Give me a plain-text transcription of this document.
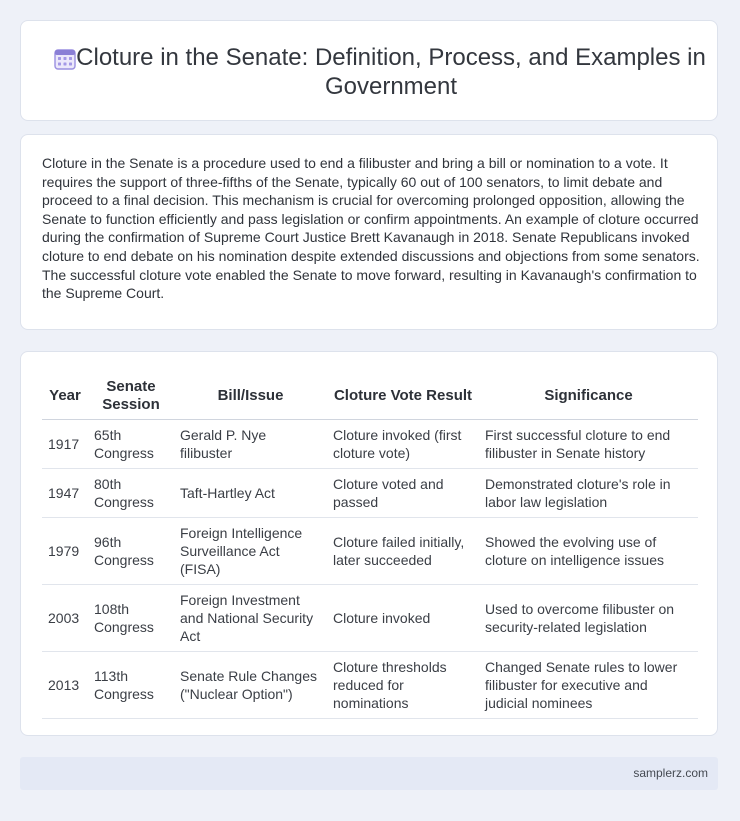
Cloture in the Senate: Definition, Process, and Examples in Government

Cloture in the Senate is a procedure used to end a filibuster and bring a bill or nomination to a vote. It requires the support of three-fifths of the Senate, typically 60 out of 100 senators, to limit debate and proceed to a final decision. This mechanism is crucial for overcoming prolonged opposition, allowing the Senate to function efficiently and pass legislation or confirm appointments. An example of cloture occurred during the confirmation of Supreme Court Justice Brett Kavanaugh in 2018. Senate Republicans invoked cloture to end debate on his nomination despite extended discussions and objections from some senators. The successful cloture vote enabled the Senate to move forward, resulting in Kavanaugh's confirmation to the Supreme Court.

Year	Senate Session	Bill/Issue	Cloture Vote Result	Significance
1917	65th Congress	Gerald P. Nye filibuster	Cloture invoked (first cloture vote)	First successful cloture to end filibuster in Senate history
1947	80th Congress	Taft-Hartley Act	Cloture voted and passed	Demonstrated cloture's role in labor law legislation
1979	96th Congress	Foreign Intelligence Surveillance Act (FISA)	Cloture failed initially, later succeeded	Showed the evolving use of cloture on intelligence issues
2003	108th Congress	Foreign Investment and National Security Act	Cloture invoked	Used to overcome filibuster on security-related legislation
2013	113th Congress	Senate Rule Changes ("Nuclear Option")	Cloture thresholds reduced for nominations	Changed Senate rules to lower filibuster for executive and judicial nominees
samplerz.com
